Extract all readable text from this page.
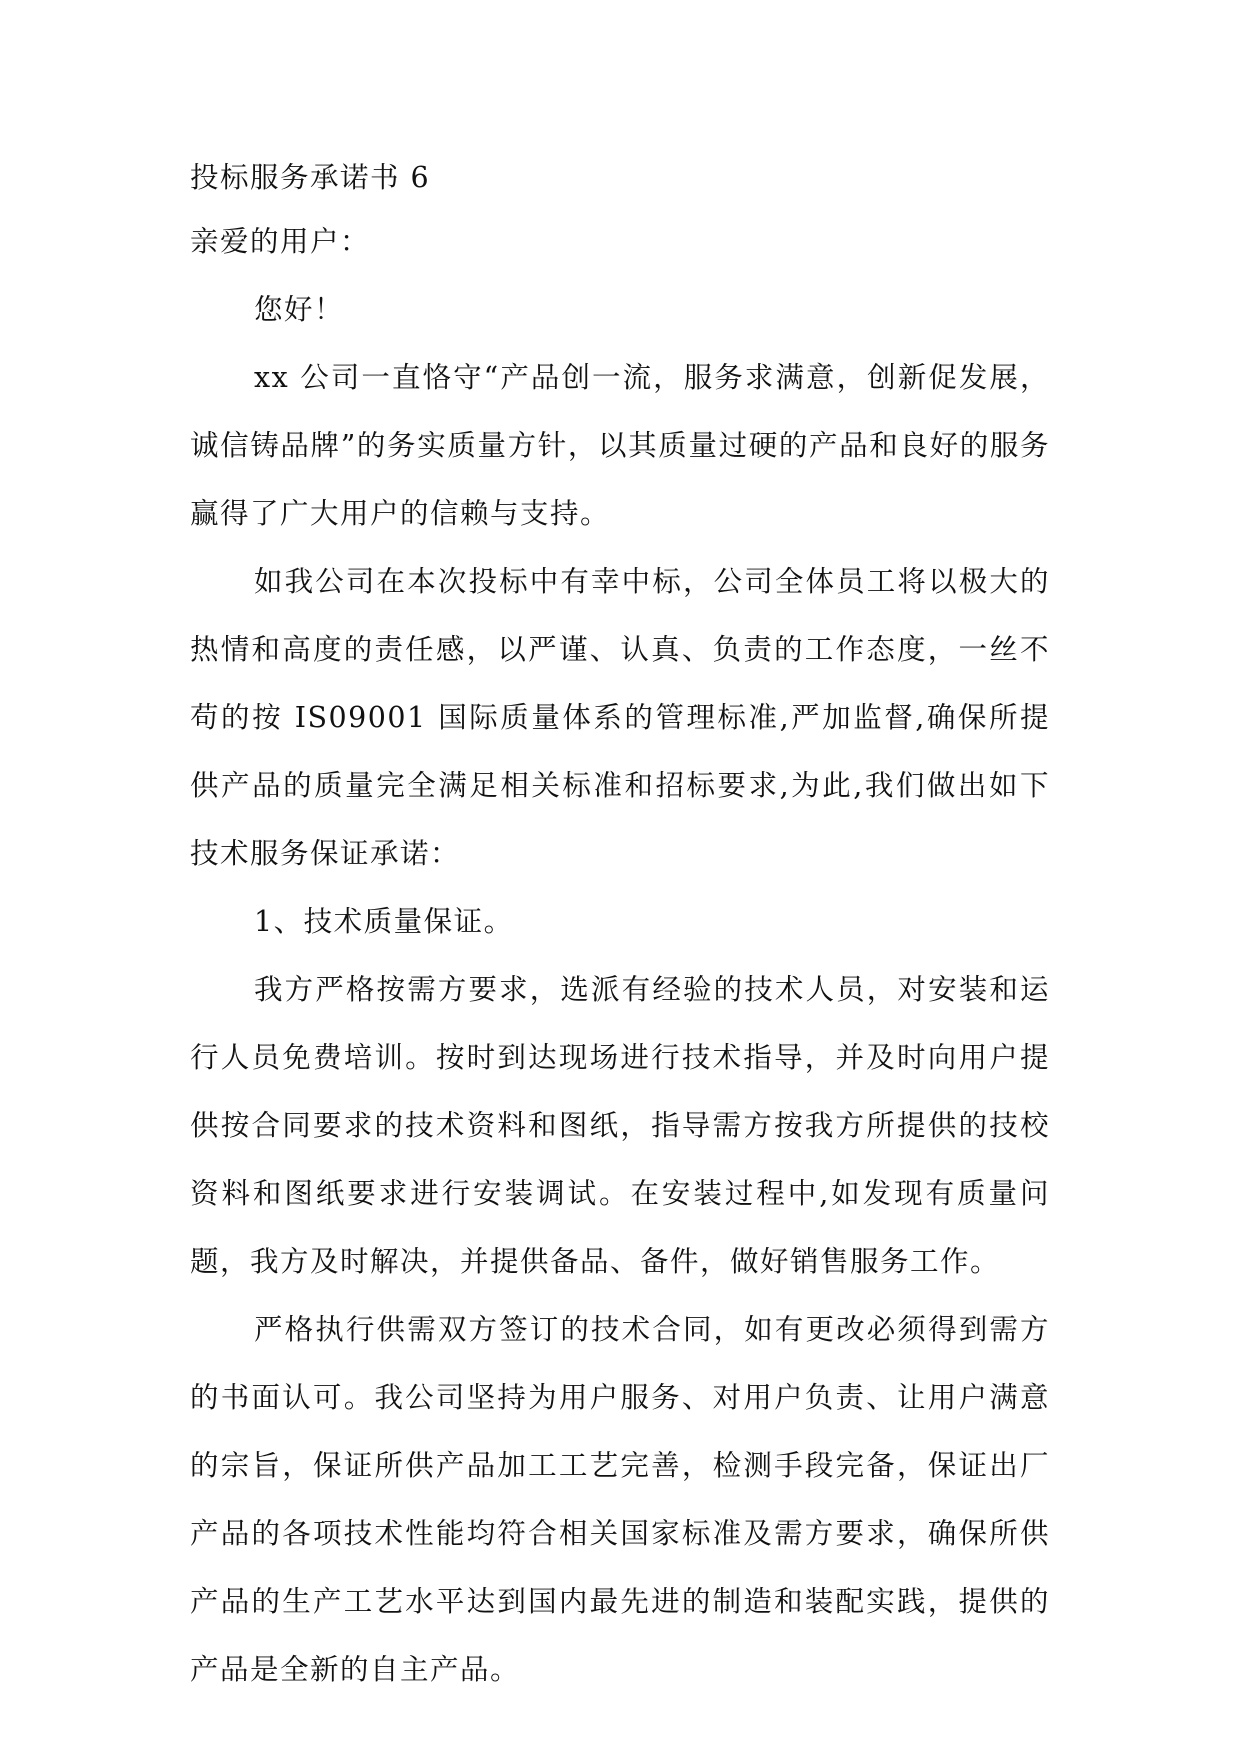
投标服务承诺书 6

亲爱的用户：

您好！

xx 公司一直恪守“产品创一流，服务求满意，创新促发展，诚信铸品牌”的务实质量方针，以其质量过硬的产品和良好的服务赢得了广大用户的信赖与支持。

如我公司在本次投标中有幸中标，公司全体员工将以极大的热情和高度的责任感，以严谨、认真、负责的工作态度，一丝不苟的按 IS09001 国际质量体系的管理标准,严加监督,确保所提供产品的质量完全满足相关标准和招标要求,为此,我们做出如下技术服务保证承诺：

1、技术质量保证。

我方严格按需方要求，选派有经验的技术人员，对安装和运行人员免费培训。按时到达现场进行技术指导，并及时向用户提供按合同要求的技术资料和图纸，指导需方按我方所提供的技校资料和图纸要求进行安装调试。在安装过程中,如发现有质量问题，我方及时解决，并提供备品、备件，做好销售服务工作。

严格执行供需双方签订的技术合同，如有更改必须得到需方的书面认可。我公司坚持为用户服务、对用户负责、让用户满意的宗旨，保证所供产品加工工艺完善，检测手段完备，保证出厂产品的各项技术性能均符合相关国家标准及需方要求，确保所供产品的生产工艺水平达到国内最先进的制造和装配实践，提供的产品是全新的自主产品。
